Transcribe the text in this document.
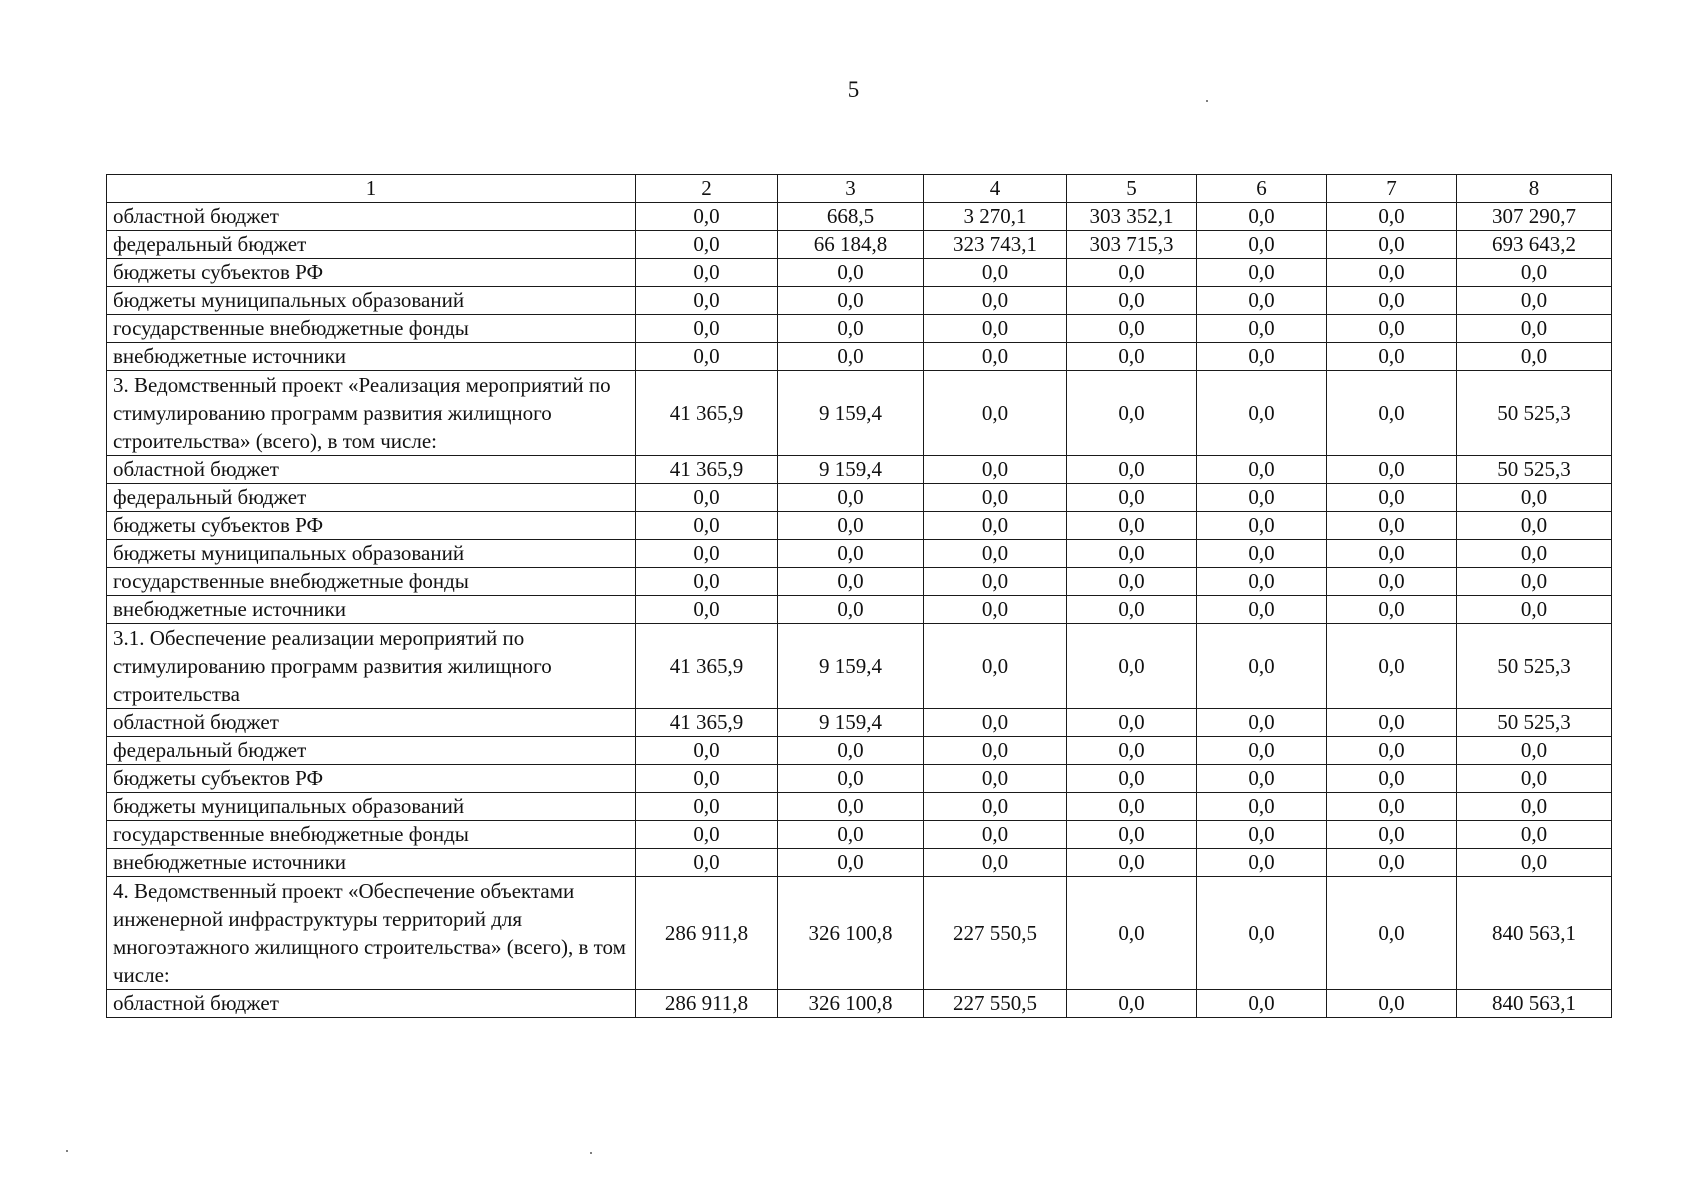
5
1	2	3	4	5	6	7	8
областной бюджет	0,0	668,5	3 270,1	303 352,1	0,0	0,0	307 290,7
федеральный бюджет	0,0	66 184,8	323 743,1	303 715,3	0,0	0,0	693 643,2
бюджеты субъектов РФ	0,0	0,0	0,0	0,0	0,0	0,0	0,0
бюджеты муниципальных образований	0,0	0,0	0,0	0,0	0,0	0,0	0,0
государственные внебюджетные фонды	0,0	0,0	0,0	0,0	0,0	0,0	0,0
внебюджетные источники	0,0	0,0	0,0	0,0	0,0	0,0	0,0
3. Ведомственный проект «Реализация мероприятий по стимулированию программ развития жилищного строительства» (всего), в том числе:	41 365,9	9 159,4	0,0	0,0	0,0	0,0	50 525,3
областной бюджет	41 365,9	9 159,4	0,0	0,0	0,0	0,0	50 525,3
федеральный бюджет	0,0	0,0	0,0	0,0	0,0	0,0	0,0
бюджеты субъектов РФ	0,0	0,0	0,0	0,0	0,0	0,0	0,0
бюджеты муниципальных образований	0,0	0,0	0,0	0,0	0,0	0,0	0,0
государственные внебюджетные фонды	0,0	0,0	0,0	0,0	0,0	0,0	0,0
внебюджетные источники	0,0	0,0	0,0	0,0	0,0	0,0	0,0
3.1. Обеспечение реализации мероприятий по стимулированию программ развития жилищного строительства	41 365,9	9 159,4	0,0	0,0	0,0	0,0	50 525,3
областной бюджет	41 365,9	9 159,4	0,0	0,0	0,0	0,0	50 525,3
федеральный бюджет	0,0	0,0	0,0	0,0	0,0	0,0	0,0
бюджеты субъектов РФ	0,0	0,0	0,0	0,0	0,0	0,0	0,0
бюджеты муниципальных образований	0,0	0,0	0,0	0,0	0,0	0,0	0,0
государственные внебюджетные фонды	0,0	0,0	0,0	0,0	0,0	0,0	0,0
внебюджетные источники	0,0	0,0	0,0	0,0	0,0	0,0	0,0
4. Ведомственный проект «Обеспечение объектами инженерной инфраструктуры территорий для многоэтажного жилищного строительства» (всего), в том числе:	286 911,8	326 100,8	227 550,5	0,0	0,0	0,0	840 563,1
областной бюджет	286 911,8	326 100,8	227 550,5	0,0	0,0	0,0	840 563,1
